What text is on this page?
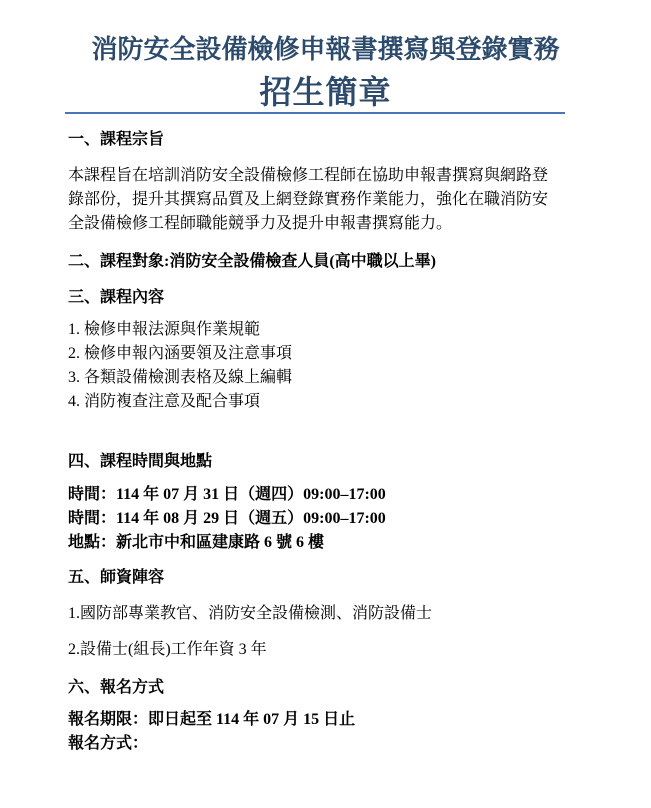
消防安全設備檢修申報書撰寫與登錄實務
招生簡章
一、課程宗旨
本課程旨在培訓消防安全設備檢修工程師在協助申報書撰寫與網路登錄部份，提升其撰寫品質及上網登錄實務作業能力，強化在職消防安全設備檢修工程師職能競爭力及提升申報書撰寫能力。
二、課程對象:消防安全設備檢查人員(高中職以上畢)
三、課程內容
1. 檢修申報法源與作業規範
2. 檢修申報內涵要領及注意事項
3. 各類設備檢測表格及線上編輯
4. 消防複查注意及配合事項
四、課程時間與地點
時間：114 年 07 月 31 日（週四）09:00–17:00
時間：114 年 08 月 29 日（週五）09:00–17:00
地點：新北市中和區建康路 6 號 6 樓
五、師資陣容
1.國防部專業教官、消防安全設備檢測、消防設備士
2.設備士(組長)工作年資 3 年
六、報名方式
報名期限：即日起至 114 年 07 月 15 日止
報名方式：
